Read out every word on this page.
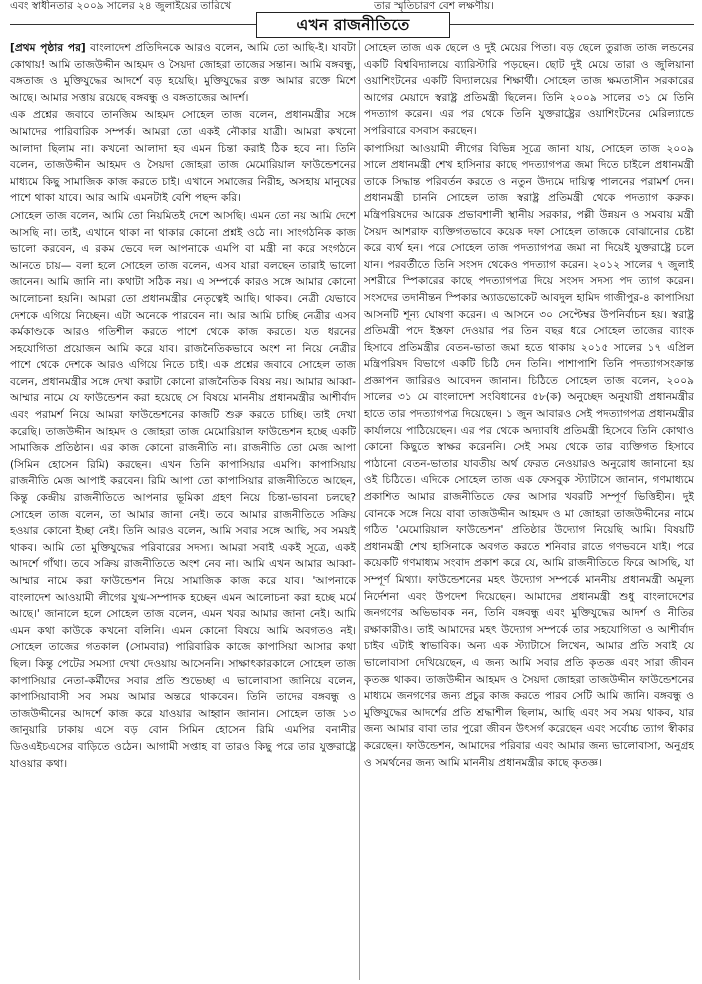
এবং স্বাধীনতার ২০০৯ সালের ২৪ জুলাইয়ের তারিখে	তার স্মৃতিচারণ বেশ লক্ষণীয়।
এখন রাজনীতিতে

[প্রথম পৃষ্ঠার পর] বাংলাদেশ প্রতিদিনকে আরও বলেন, আমি তো আছি-ই। যাবটা কোথায়! আমি তাজউদ্দীন আহমদ ও সৈয়দা জোহরা তাজের সন্তান। আমি বঙ্গবন্ধু, বঙ্গতাজ ও মুক্তিযুদ্ধের আদর্শে বড় হয়েছি। মুক্তিযুদ্ধের রক্ত আমার রক্তে মিশে আছে। আমার সত্তায় রয়েছে বঙ্গবন্ধু ও বঙ্গতাজের আদর্শ।

এক প্রশ্নের জবাবে তানজিম আহমদ সোহেল তাজ বলেন, প্রধানমন্ত্রীর সঙ্গে আমাদের পারিবারিক সম্পর্ক। আমরা তো একই নৌকার যাত্রী। আমরা কখনো আলাদা ছিলাম না। কখনো আলাদা হব এমন চিন্তা করাই ঠিক হবে না। তিনি বলেন, তাজউদ্দীন আহমদ ও সৈয়দা জোহরা তাজ মেমোরিয়াল ফাউন্ডেশনের মাধ্যমে কিছু সামাজিক কাজ করতে চাই। এখানে সমাজের নিরীহ, অসহায় মানুষের পাশে থাকা যাবে। আর আমি এমনটাই বেশি পছন্দ করি।

সোহেল তাজ বলেন, আমি তো নিয়মিতই দেশে আসছি। এমন তো নয় আমি দেশে আসছি না। তাই, এখানে থাকা না থাকার কোনো প্রশ্নই ওঠে না। সাংগঠনিক কাজ ভালো করবেন, এ রকম ভেবে দল আপনাকে এমপি বা মন্ত্রী না করে সংগঠনে আনতে চায়— বলা হলে সোহেল তাজ বলেন, এসব যারা বলছেন তারাই ভালো জানেন। আমি জানি না। কথাটা সঠিক নয়। এ সম্পর্কে কারও সঙ্গে আমার কোনো আলোচনা হয়নি। আমরা তো প্রধানমন্ত্রীর নেতৃত্বেই আছি। থাকব। নেত্রী যেভাবে দেশকে এগিয়ে নিচ্ছেন। এটা অনেকে পারবেন না। আর আমি চাচ্ছি নেত্রীর এসব কর্মকাণ্ডকে আরও গতিশীল করতে পাশে থেকে কাজ করতে। যত ধরনের সহযোগিতা প্রয়োজন আমি করে যাব। রাজনৈতিকভাবে অংশ না নিয়ে নেত্রীর পাশে থেকে দেশকে আরও এগিয়ে নিতে চাই। এক প্রশ্নের জবাবে সোহেল তাজ বলেন, প্রধানমন্ত্রীর সঙ্গে দেখা করাটা কোনো রাজনৈতিক বিষয় নয়। আমার আব্বা-আম্মার নামে যে ফাউন্ডেশন করা হয়েছে সে বিষয়ে মাননীয় প্রধানমন্ত্রীর আশীর্বাদ এবং পরামর্শ নিয়ে আমরা ফাউন্ডেশনের কাজটি শুরু করতে চাচ্ছি। তাই দেখা করেছি। তাজউদ্দীন আহমদ ও জোহরা তাজ মেমোরিয়াল ফাউন্ডেশন হচ্ছে একটি সামাজিক প্রতিষ্ঠান। এর কাজ কোনো রাজনীতি না। রাজনীতি তো মেজ আপা (সিমিন হোসেন রিমি) করছেন। এখন তিনি কাপাসিয়ার এমপি। কাপাসিয়ায় রাজনীতি মেজ আপাই করবেন। রিমি আপা তো কাপাসিয়ার রাজনীতিতে আছেন, কিন্তু কেন্দ্রীয় রাজনীতিতে আপনার ভূমিকা গ্রহণ নিয়ে চিন্তা-ভাবনা চলছে? সোহেল তাজ বলেন, তা আমার জানা নেই। তবে আমার রাজনীতিতে সক্রিয় হওয়ার কোনো ইচ্ছা নেই। তিনি আরও বলেন, আমি সবার সঙ্গে আছি, সব সময়ই থাকব। আমি তো মুক্তিযুদ্ধের পরিবারের সদস্য। আমরা সবাই একই সূত্রে, একই আদর্শে গাঁথা। তবে সক্রিয় রাজনীতিতে অংশ নেব না। আমি এখন আমার আব্বা-আম্মার নামে করা ফাউন্ডেশন নিয়ে সামাজিক কাজ করে যাব। 'আপনাকে বাংলাদেশ আওয়ামী লীগের যুগ্ম-সম্পাদক হচ্ছেন এমন আলোচনা করা হচ্ছে মর্মে আছে।' জানালে হলে সোহেল তাজ বলেন, এমন খবর আমার জানা নেই। আমি এমন কথা কাউকে কখনো বলিনি। এমন কোনো বিষয়ে আমি অবগতও নই। সোহেল তাজের গতকাল (সোমবার) পারিবারিক কাজে কাপাসিয়া আসার কথা ছিল। কিন্তু পেটের সমস্যা দেখা দেওয়ায় আসেননি। সাক্ষাৎকারকালে সোহেল তাজ কাপাসিয়ার নেতা-কর্মীদের সবার প্রতি শুভেচ্ছা এ ভালোবাসা জানিয়ে বলেন, কাপাসিয়াবাসী সব সময় আমার অন্তরে থাকবেন। তিনি তাদের বঙ্গবন্ধু ও তাজউদ্দীনের আদর্শে কাজ করে যাওয়ার আহ্বান জানান। সোহেল তাজ ১৩ জানুয়ারি ঢাকায় এসে বড় বোন সিমিন হোসেন রিমি এমপির বনানীর ডিওএইচএসের বাড়িতে ওঠেন। আগামী সপ্তাহ বা তারও কিছু পরে তার যুক্তরাষ্ট্রে যাওয়ার কথা।

সোহেল তাজ এক ছেলে ও দুই মেয়ের পিতা। বড় ছেলে তুরাজ তাজ লন্ডনের একটি বিশ্ববিদ্যালয়ে ব্যারিস্টারি পড়ছেন। ছোট দুই মেয়ে তারা ও জুলিয়ানা ওয়াশিংটনের একটি বিদ্যালয়ের শিক্ষার্থী। সোহেল তাজ ক্ষমতাসীন সরকারের আগের মেয়াদে স্বরাষ্ট্র প্রতিমন্ত্রী ছিলেন। তিনি ২০০৯ সালের ৩১ মে তিনি পদত্যাগ করেন। এর পর থেকে তিনি যুক্তরাষ্ট্রের ওয়াশিংটনের মেরিল্যান্ডে সপরিবারে বসবাস করছেন।

কাপাসিয়া আওয়ামী লীগের বিভিন্ন সূত্রে জানা যায়, সোহেল তাজ ২০০৯ সালে প্রধানমন্ত্রী শেখ হাসিনার কাছে পদত্যাগপত্র জমা দিতে চাইলে প্রধানমন্ত্রী তাকে সিদ্ধান্ত পরিবর্তন করতে ও নতুন উদ্যমে দায়িত্ব পালনের পরামর্শ দেন। প্রধানমন্ত্রী চাননি সোহেল তাজ স্বরাষ্ট্র প্রতিমন্ত্রী থেকে পদত্যাগ করুক। মন্ত্রিপরিষদের আরেক প্রভাবশালী স্থানীয় সরকার, পল্লী উন্নয়ন ও সমবায় মন্ত্রী সৈয়দ আশরাফ ব্যক্তিগতভাবে কয়েক দফা সোহেল তাজকে বোঝানোর চেষ্টা করে ব্যর্থ হন। পরে সোহেল তাজ পদত্যাগপত্র জমা না দিয়েই যুক্তরাষ্ট্রে চলে যান। পরবর্তীতে তিনি সংসদ থেকেও পদত্যাগ করেন। ২০১২ সালের ৭ জুলাই সশরীরে স্পিকারের কাছে পদত্যাগপত্র দিয়ে সংসদ সদস্য পদ ত্যাগ করেন। সংসদের তদানীন্তন স্পিকার অ্যাডভোকেট আবদুল হামিদ গাজীপুর-৪ কাপাসিয়া আসনটি শূন্য ঘোষণা করেন। এ আসনে ৩০ সেপ্টেম্বর উপনির্বাচন হয়। স্বরাষ্ট্র প্রতিমন্ত্রী পদে ইস্তফা দেওয়ার পর তিন বছর ধরে সোহেল তাজের ব্যাংক হিসাবে প্রতিমন্ত্রীর বেতন-ভাতা জমা হতে থাকায় ২০১৫ সালের ১৭ এপ্রিল মন্ত্রিপরিষদ বিভাগে একটি চিঠি দেন তিনি। পাশাপাশি তিনি পদত্যাগসংক্রান্ত প্রজ্ঞাপন জারিরও আবেদন জানান। চিঠিতে সোহেল তাজ বলেন, ২০০৯ সালের ৩১ মে বাংলাদেশ সংবিধানের ৫৮(ক) অনুচ্ছেদ অনুযায়ী প্রধানমন্ত্রীর হাতে তার পদত্যাগপত্র দিয়েছেন। ১ জুন আবারও সেই পদত্যাগপত্র প্রধানমন্ত্রীর কার্যালয়ে পাঠিয়েছেন। এর পর থেকে অদ্যাবধি প্রতিমন্ত্রী হিসেবে তিনি কোথাও কোনো কিছুতে স্বাক্ষর করেননি। সেই সময় থেকে তার ব্যক্তিগত হিসাবে পাঠানো বেতন-ভাতার যাবতীয় অর্থ ফেরত নেওয়ারও অনুরোধ জানানো হয় ওই চিঠিতে। এদিকে সোহেল তাজ এক ফেসবুক স্ট্যাটাসে জানান, গণমাধ্যমে প্রকাশিত আমার রাজনীতিতে ফের আসার খবরটি সম্পূর্ণ ভিত্তিহীন। দুই বোনকে সঙ্গে নিয়ে বাবা তাজউদ্দীন আহমদ ও মা জোহরা তাজউদ্দীনের নামে গঠিত 'মেমোরিয়াল ফাউন্ডেশন' প্রতিষ্ঠার উদ্যোগ নিয়েছি আমি। বিষয়টি প্রধানমন্ত্রী শেখ হাসিনাকে অবগত করতে শনিবার রাতে গণভবনে যাই। পরে কয়েকটি গণমাধ্যম সংবাদ প্রকাশ করে যে, আমি রাজনীতিতে ফিরে আসছি, যা সম্পূর্ণ মিথ্যা। ফাউন্ডেশনের মহৎ উদ্যোগ সম্পর্কে মাননীয় প্রধানমন্ত্রী অমূল্য নির্দেশনা এবং উপদেশ দিয়েছেন। আমাদের প্রধানমন্ত্রী শুধু বাংলাদেশের জনগণের অভিভাবক নন, তিনি বঙ্গবন্ধু এবং মুক্তিযুদ্ধের আদর্শ ও নীতির রক্ষাকারীও। তাই আমাদের মহৎ উদ্যোগ সম্পর্কে তার সহযোগিতা ও আশীর্বাদ চাইব এটাই স্বাভাবিক। অন্য এক স্ট্যাটাসে লিখেন, আমার প্রতি সবাই যে ভালোবাসা দেখিয়েছেন, এ জন্য আমি সবার প্রতি কৃতজ্ঞ এবং সারা জীবন কৃতজ্ঞ থাকব। তাজউদ্দীন আহমদ ও সৈয়দা জোহরা তাজউদ্দীন ফাউন্ডেশনের মাধ্যমে জনগণের জন্য প্রচুর কাজ করতে পারব সেটি আমি জানি। বঙ্গবন্ধু ও মুক্তিযুদ্ধের আদর্শের প্রতি শ্রদ্ধাশীল ছিলাম, আছি এবং সব সময় থাকব, যার জন্য আমার বাবা তার পুরো জীবন উৎসর্গ করেছেন এবং সর্বোচ্চ ত্যাগ স্বীকার করেছেন। ফাউন্ডেশন, আমাদের পরিবার এবং আমার জন্য ভালোবাসা, অনুগ্রহ ও সমর্থনের জন্য আমি মাননীয় প্রধানমন্ত্রীর কাছে কৃতজ্ঞ।
